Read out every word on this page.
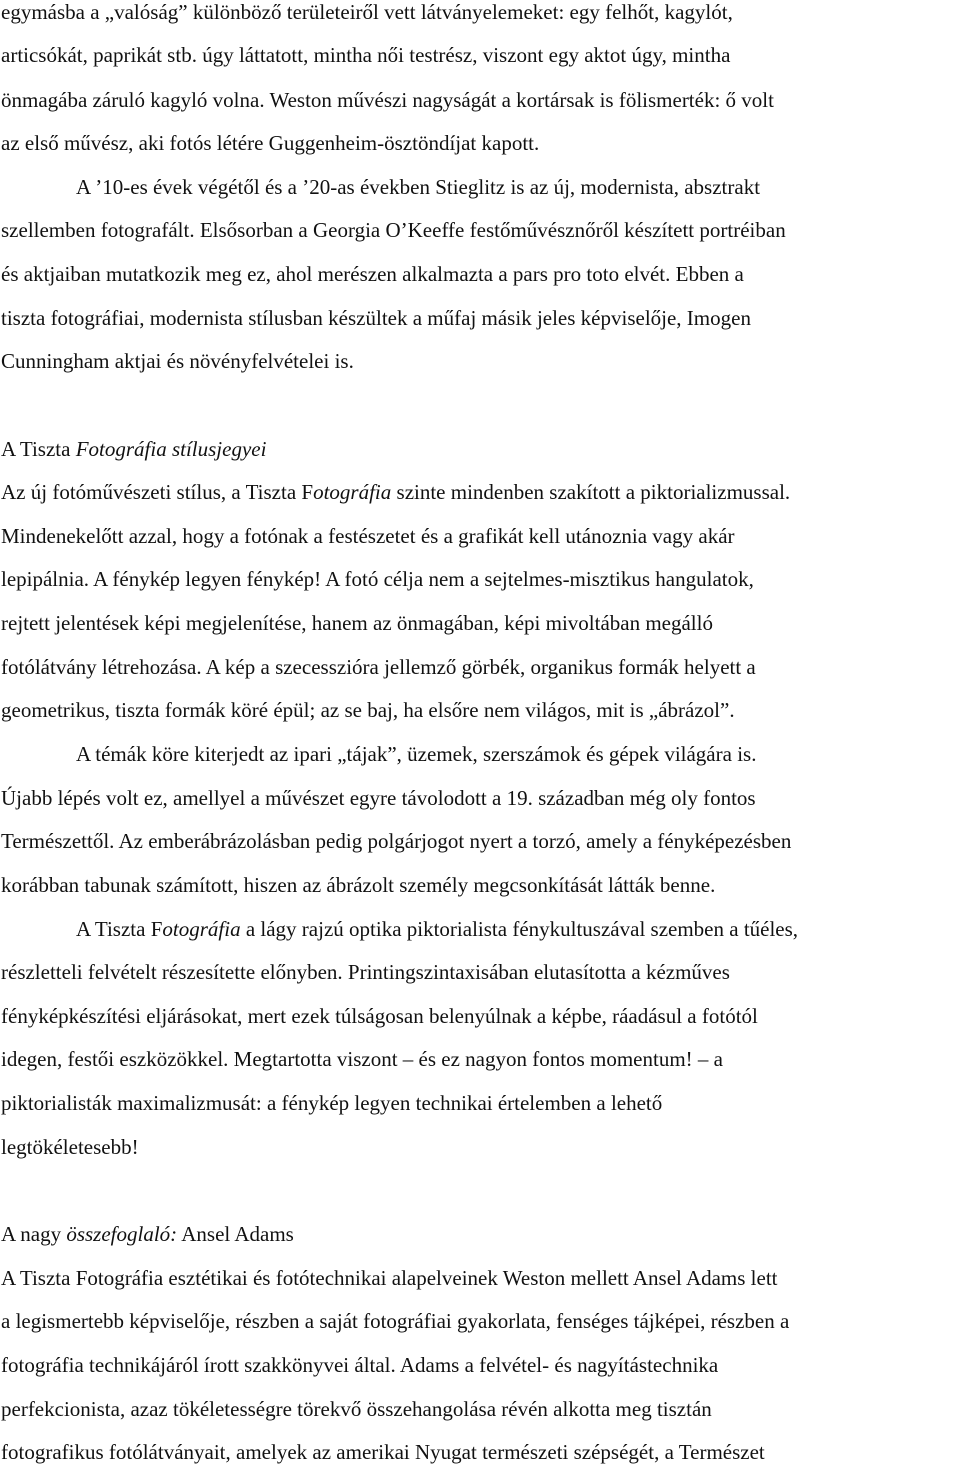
egymásba a „valóság” különböző területeiről vett látványelemeket: egy felhőt, kagylót,
articsókát, paprikát stb. úgy láttatott, mintha női testrész, viszont egy aktot úgy, mintha
önmagába záruló kagyló volna. Weston művészi nagyságát a kortársak is fölismerték: ő volt
az első művész, aki fotós létére Guggenheim-ösztöndíjat kapott.
A ’10-es évek végétől és a ’20-as években Stieglitz is az új, modernista, absztrakt
szellemben fotografált. Elsősorban a Georgia O’Keeffe festőművésznőről készített portréiban
és aktjaiban mutatkozik meg ez, ahol merészen alkalmazta a pars pro toto elvét. Ebben a
tiszta fotográfiai, modernista stílusban készültek a műfaj másik jeles képviselője, Imogen
Cunningham aktjai és növényfelvételei is.
A Tiszta Fotográfia stílusjegyei
Az új fotóművészeti stílus, a Tiszta Fotográfia szinte mindenben szakított a piktorializmussal.
Mindenekelőtt azzal, hogy a fotónak a festészetet és a grafikát kell utánoznia vagy akár
lepipálnia. A fénykép legyen fénykép! A fotó célja nem a sejtelmes-misztikus hangulatok,
rejtett jelentések képi megjelenítése, hanem az önmagában, képi mivoltában megálló
fotólátvány létrehozása. A kép a szecesszióra jellemző görbék, organikus formák helyett a
geometrikus, tiszta formák köré épül; az se baj, ha elsőre nem világos, mit is „ábrázol”.
A témák köre kiterjedt az ipari „tájak”, üzemek, szerszámok és gépek világára is.
Újabb lépés volt ez, amellyel a művészet egyre távolodott a 19. században még oly fontos
Természettől. Az emberábrázolásban pedig polgárjogot nyert a torzó, amely a fényképezésben
korábban tabunak számított, hiszen az ábrázolt személy megcsonkítását látták benne.
A Tiszta Fotográfia a lágy rajzú optika piktorialista fénykultuszával szemben a tűéles,
részletteli felvételt részesítette előnyben. Printingszintaxisában elutasította a kézműves
fényképkészítési eljárásokat, mert ezek túlságosan belenyúlnak a képbe, ráadásul a fotótól
idegen, festői eszközökkel. Megtartotta viszont – és ez nagyon fontos momentum! – a
piktorialisták maximalizmusát: a fénykép legyen technikai értelemben a lehető
legtökéletesebb!
A nagy összefoglaló: Ansel Adams
A Tiszta Fotográfia esztétikai és fotótechnikai alapelveinek Weston mellett Ansel Adams lett
a legismertebb képviselője, részben a saját fotográfiai gyakorlata, fenséges tájképei, részben a
fotográfia technikájáról írott szakkönyvei által. Adams a felvétel- és nagyítástechnika
perfekcionista, azaz tökéletességre törekvő összehangolása révén alkotta meg tisztán
fotografikus fotólátványait, amelyek az amerikai Nyugat természeti szépségét, a Természet
